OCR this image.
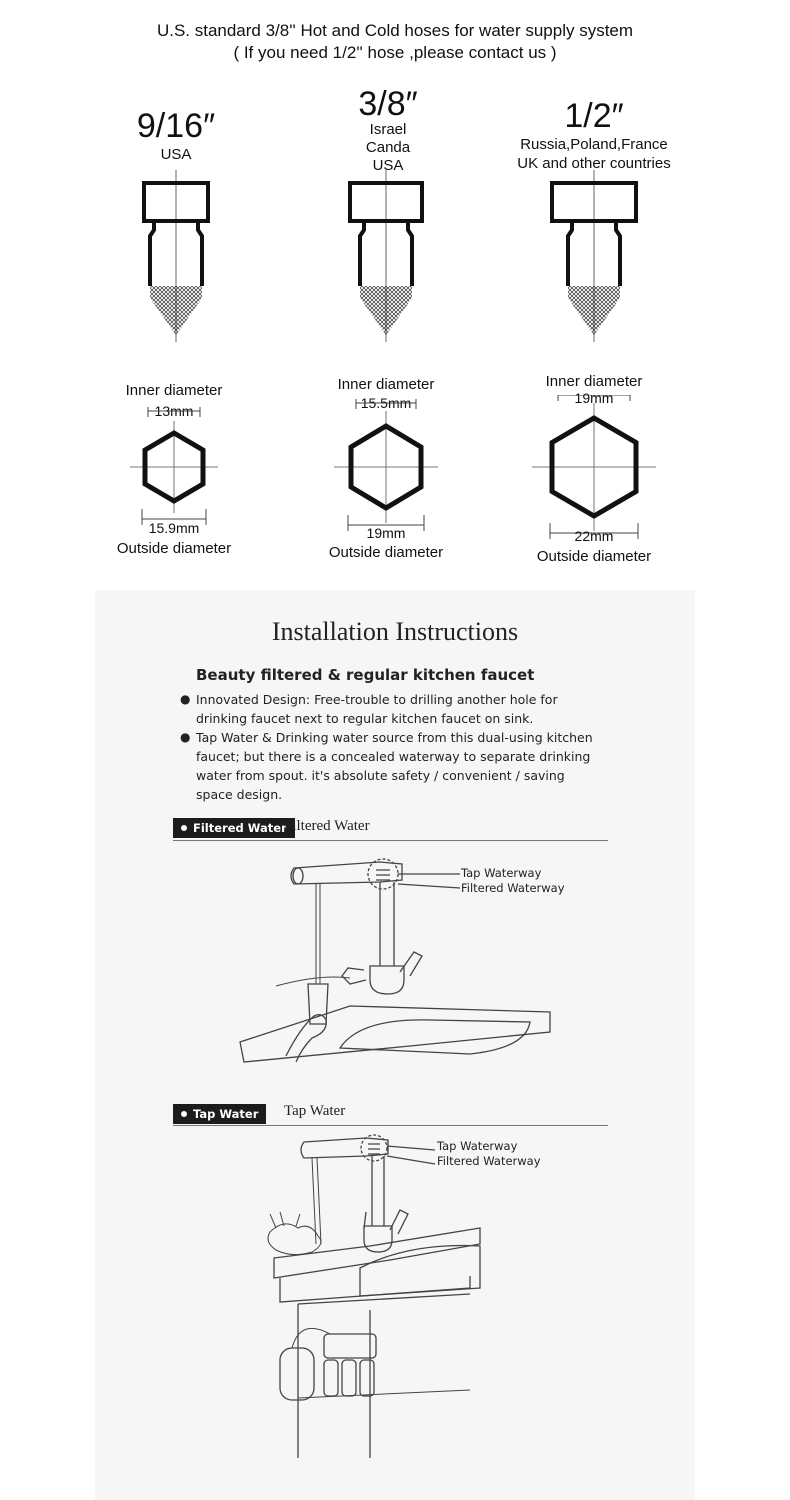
U.S. standard 3/8'' Hot and Cold hoses for water supply system
( If you need 1/2'' hose ,please contact us )
9/16″
USA
3/8″
Israel
Canda
USA
1/2″
Russia,Poland,France
UK and other countries
Inner diameter
13mm
Inner diameter
15.5mm
Inner diameter
19mm
15.9mm
Outside diameter
19mm
Outside diameter
22mm
Outside diameter
Installation Instructions
Beauty filtered & regular kitchen faucet
● Innovated Design: Free-trouble to drilling another hole for drinking faucet next to regular kitchen faucet on sink.
● Tap Water & Drinking water source from this dual-using kitchen faucet; but there is a concealed waterway to separate drinking water from spout. it's absolute safety / convenient / saving space design.
Filtered Water
Filtered Water
Tap Waterway
Filtered Waterway
Tap Water	Tap Water
Tap Waterway
Filtered Waterway
